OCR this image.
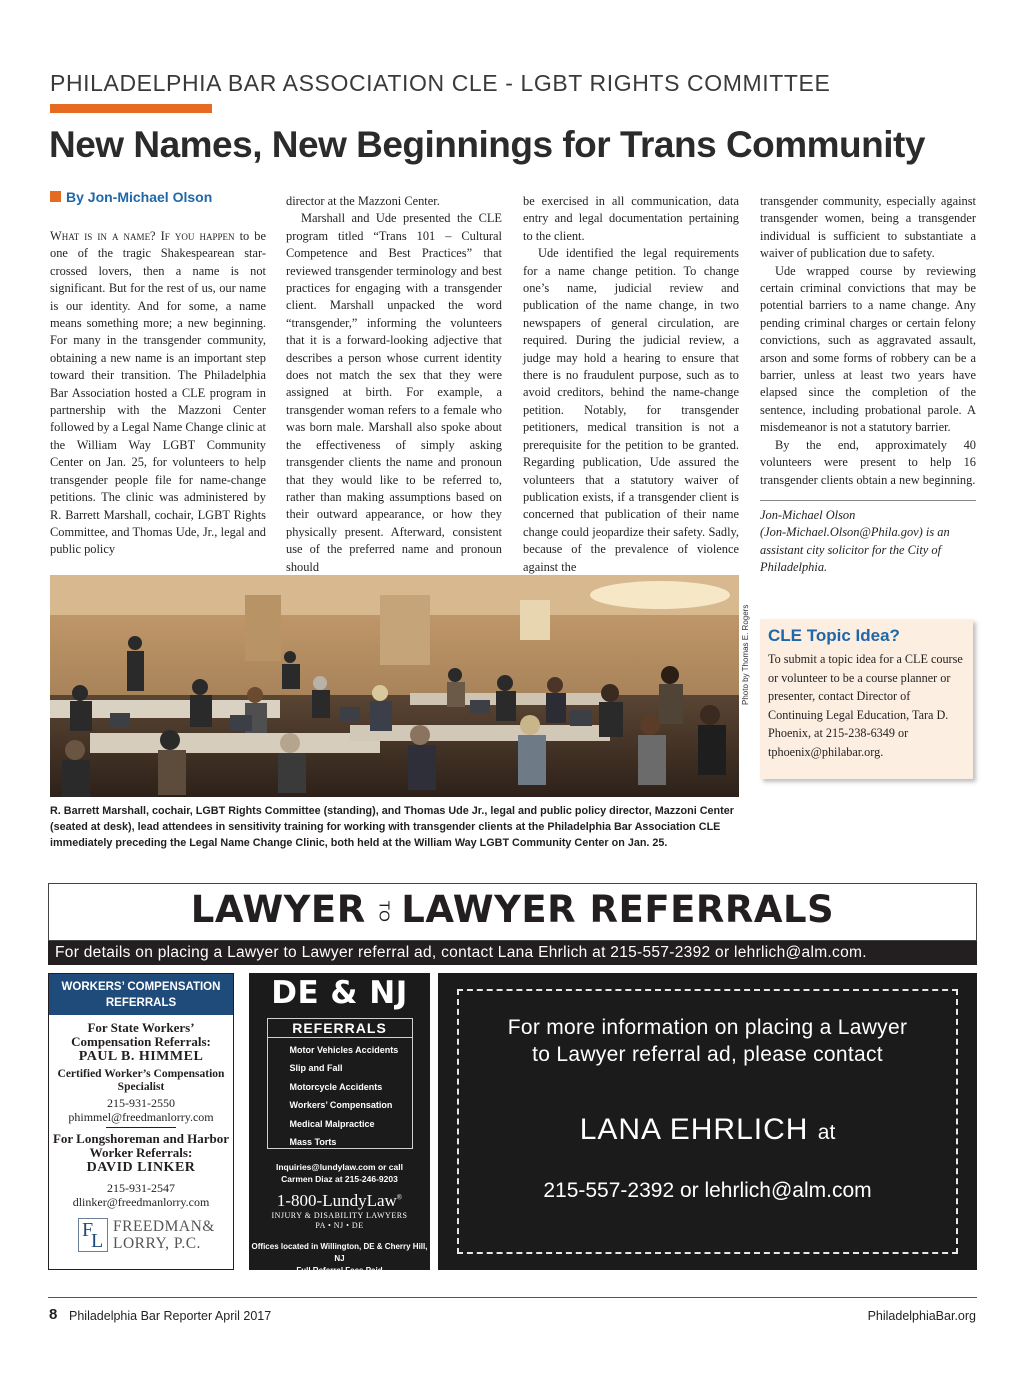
PHILADELPHIA BAR ASSOCIATION CLE - LGBT RIGHTS COMMITTEE
New Names, New Beginnings for Trans Community
By Jon-Michael Olson

What is in a name? If you happen to be one of the tragic Shakespearean star-crossed lovers, then a name is not significant. But for the rest of us, our name is our identity. And for some, a name means something more; a new beginning. For many in the transgender community, obtaining a new name is an important step toward their transition. The Philadelphia Bar Association hosted a CLE program in partnership with the Mazzoni Center followed by a Legal Name Change clinic at the William Way LGBT Community Center on Jan. 25, for volunteers to help transgender people file for name-change petitions. The clinic was administered by R. Barrett Marshall, cochair, LGBT Rights Committee, and Thomas Ude, Jr., legal and public policy

director at the Mazzoni Center.

Marshall and Ude presented the CLE program titled “Trans 101 – Cultural Competence and Best Practices” that reviewed transgender terminology and best practices for engaging with a transgender client. Marshall unpacked the word “transgender,” informing the volunteers that it is a forward-looking adjective that describes a person whose current identity does not match the sex that they were assigned at birth. For example, a transgender woman refers to a female who was born male. Marshall also spoke about the effectiveness of simply asking transgender clients the name and pronoun that they would like to be referred to, rather than making assumptions based on their outward appearance, or how they physically present. Afterward, consistent use of the preferred name and pronoun should

be exercised in all communication, data entry and legal documentation pertaining to the client.

Ude identified the legal requirements for a name change petition. To change one’s name, judicial review and publication of the name change, in two newspapers of general circulation, are required. During the judicial review, a judge may hold a hearing to ensure that there is no fraudulent purpose, such as to avoid creditors, behind the name-change petition. Notably, for transgender petitioners, medical transition is not a prerequisite for the petition to be granted. Regarding publication, Ude assured the volunteers that a statutory waiver of publication exists, if a transgender client is concerned that publication of their name change could jeopardize their safety. Sadly, because of the prevalence of violence against the

transgender community, especially against transgender women, being a transgender individual is sufficient to substantiate a waiver of publication due to safety.

Ude wrapped course by reviewing certain criminal convictions that may be potential barriers to a name change. Any pending criminal charges or certain felony convictions, such as aggravated assault, arson and some forms of robbery can be a barrier, unless at least two years have elapsed since the completion of the sentence, including probational parole. A misdemeanor is not a statutory barrier.

By the end, approximately 40 volunteers were present to help 16 transgender clients obtain a new beginning.

Jon-Michael Olson
(Jon-Michael.Olson@Phila.gov) is an assistant city solicitor for the City of Philadelphia.

Photo by Thomas E. Rogers
R. Barrett Marshall, cochair, LGBT Rights Committee (standing), and Thomas Ude Jr., legal and public policy director, Mazzoni Center (seated at desk), lead attendees in sensitivity training for working with transgender clients at the Philadelphia Bar Association CLE immediately preceding the Legal Name Change Clinic, both held at the William Way LGBT Community Center on Jan. 25.
CLE Topic Idea?
To submit a topic idea for a CLE course or volunteer to be a course planner or presenter, contact Director of Continuing Legal Education, Tara D. Phoenix, at 215-238-6349 or tphoenix@philabar.org.
LAWYER TO LAWYER REFERRALS
For details on placing a Lawyer to Lawyer referral ad, contact Lana Ehrlich at 215-557-2392 or lehrlich@alm.com.
WORKERS’ COMPENSATION REFERRALS
For State Workers’ Compensation Referrals:
PAUL B. HIMMEL
Certified Worker’s Compensation Specialist
215-931-2550
phimmel@freedmanlorry.com
For Longshoreman and Harbor Worker Referrals:
DAVID LINKER
215-931-2547
dlinker@freedmanlorry.com
F
L
FREEDMAN&
LORRY, P.C.
DE & NJ
REFERRALS
Motor Vehicles Accidents
Slip and Fall
Motorcycle Accidents
Workers’ Compensation
Medical Malpractice
Mass Torts
Inquiries@lundylaw.com or call
Carmen Diaz at 215-246-9203
1-800-LundyLaw®
INJURY & DISABILITY LAWYERS
PA • NJ • DE
Offices located in Willington, DE & Cherry Hill, NJ
Full Referral Fees Paid
For more information on placing a Lawyer to Lawyer referral ad, please contact
LANA EHRLICH at
215-557-2392 or lehrlich@alm.com
8 Philadelphia Bar Reporter April 2017	PhiladelphiaBar.org
